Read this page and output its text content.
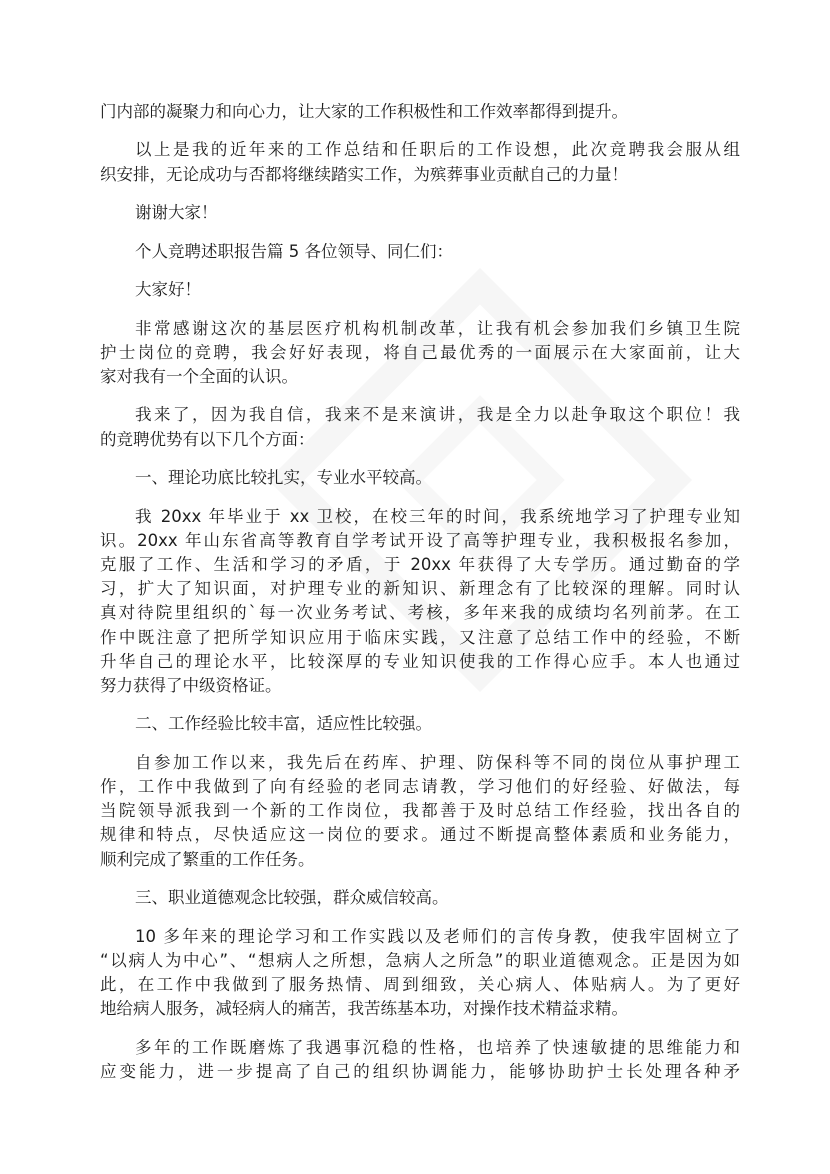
门内部的凝聚力和向心力，让大家的工作积极性和工作效率都得到提升。
以上是我的近年来的工作总结和任职后的工作设想，此次竞聘我会服从组
织安排，无论成功与否都将继续踏实工作，为殡葬事业贡献自己的力量！
谢谢大家！
个人竞聘述职报告篇 5 各位领导、同仁们：
大家好！
非常感谢这次的基层医疗机构机制改革，让我有机会参加我们乡镇卫生院
护士岗位的竞聘，我会好好表现，将自己最优秀的一面展示在大家面前，让大
家对我有一个全面的认识。
我来了，因为我自信，我来不是来演讲，我是全力以赴争取这个职位！我
的竞聘优势有以下几个方面：
一、理论功底比较扎实，专业水平较高。
我 20xx 年毕业于 xx 卫校，在校三年的时间，我系统地学习了护理专业知
识。20xx 年山东省高等教育自学考试开设了高等护理专业，我积极报名参加，
克服了工作、生活和学习的矛盾，于 20xx 年获得了大专学历。通过勤奋的学
习，扩大了知识面，对护理专业的新知识、新理念有了比较深的理解。同时认
真对待院里组织的`每一次业务考试、考核，多年来我的成绩均名列前茅。在工
作中既注意了把所学知识应用于临床实践，又注意了总结工作中的经验，不断
升华自己的理论水平，比较深厚的专业知识使我的工作得心应手。本人也通过
努力获得了中级资格证。
二、工作经验比较丰富，适应性比较强。
自参加工作以来，我先后在药库、护理、防保科等不同的岗位从事护理工
作，工作中我做到了向有经验的老同志请教，学习他们的好经验、好做法，每
当院领导派我到一个新的工作岗位，我都善于及时总结工作经验，找出各自的
规律和特点，尽快适应这一岗位的要求。通过不断提高整体素质和业务能力，
顺利完成了繁重的工作任务。
三、职业道德观念比较强，群众威信较高。
10 多年来的理论学习和工作实践以及老师们的言传身教，使我牢固树立了
“以病人为中心”、“想病人之所想，急病人之所急”的职业道德观念。正是因为如
此，在工作中我做到了服务热情、周到细致，关心病人、体贴病人。为了更好
地给病人服务，减轻病人的痛苦，我苦练基本功，对操作技术精益求精。
多年的工作既磨炼了我遇事沉稳的性格，也培养了快速敏捷的思维能力和
应变能力，进一步提高了自己的组织协调能力，能够协助护士长处理各种矛
